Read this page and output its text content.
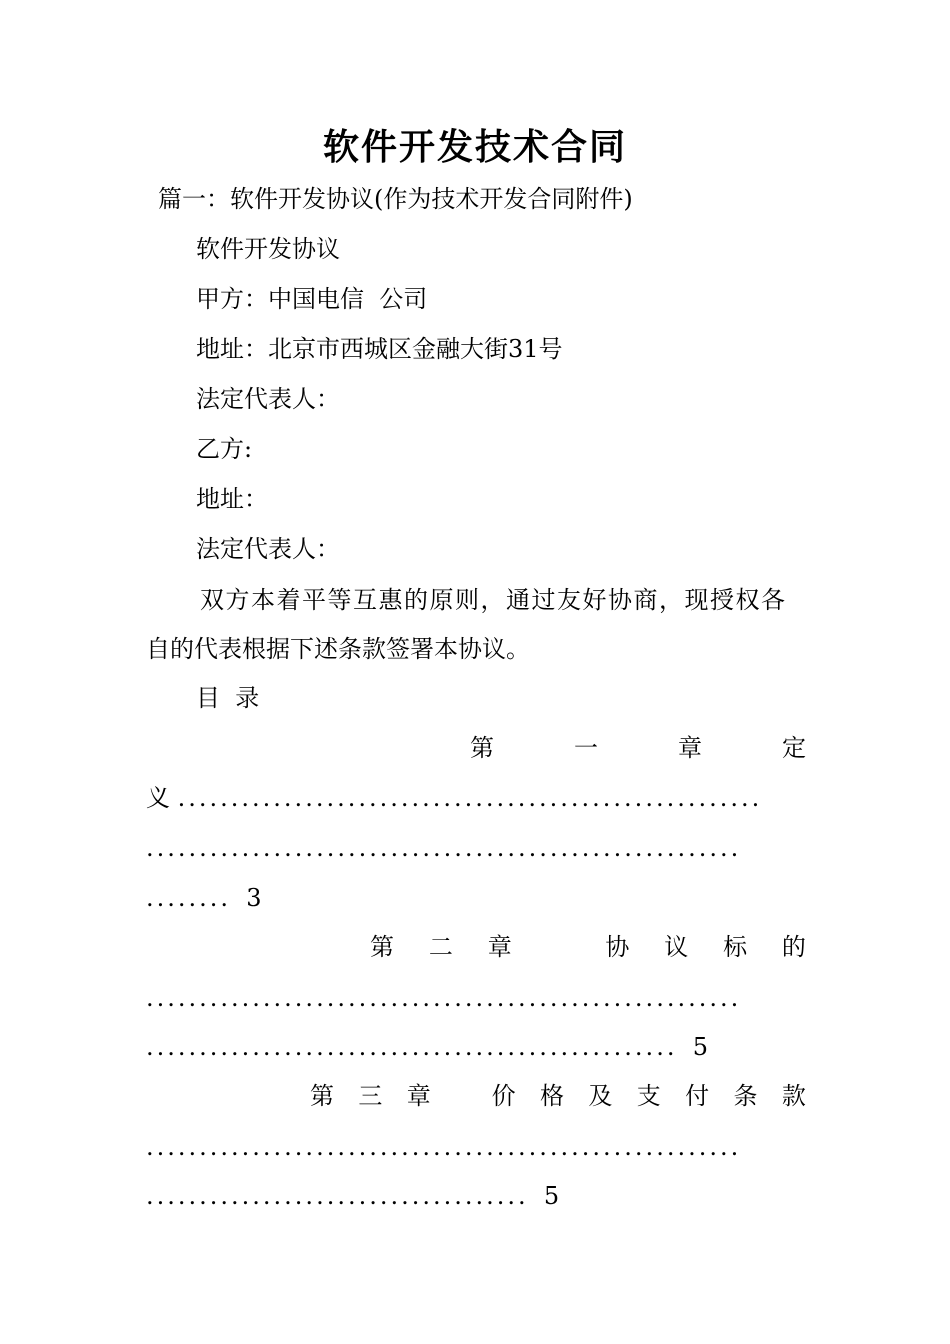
软件开发技术合同
篇一：软件开发协议(作为技术开发合同附件)
软件开发协议
甲方：中国电信  公司
地址：北京市西城区金融大街31号
法定代表人：
乙方:
地址：
法定代表人：
双方本着平等互惠的原则，通过友好协商，现授权各
自的代表根据下述条款签署本协议。
目  录
第	一	章	定
义 .......................................................
........................................................
........ 3
第 二 章	协 议 标 的
........................................................
.................................................. 5
第 三 章	价 格 及 支 付 条 款
........................................................
.................................... 5
